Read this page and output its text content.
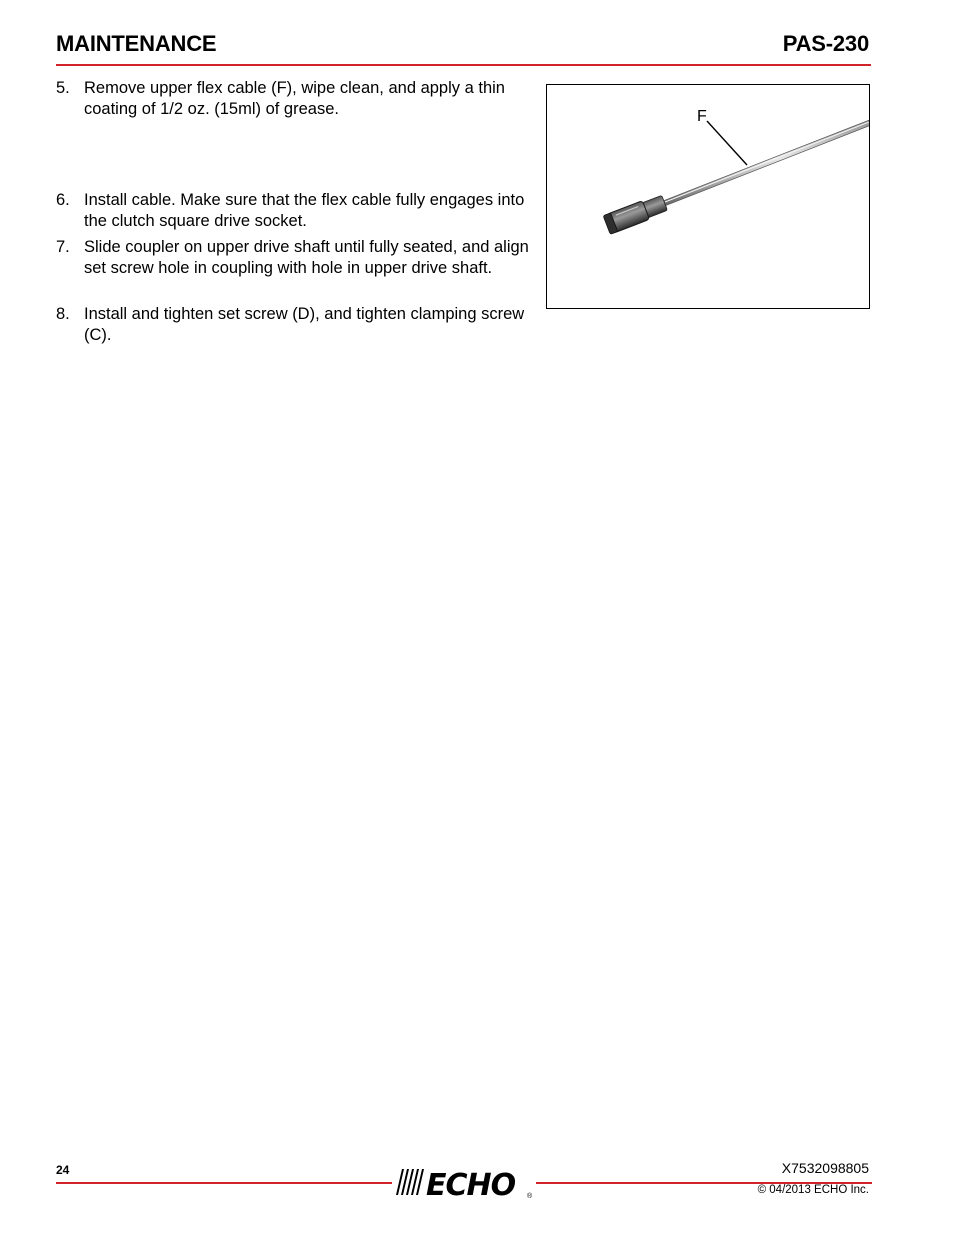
MAINTENANCE	PAS-230
5. Remove upper flex cable (F), wipe clean, and apply a thin coating of 1/2 oz. (15ml) of grease.
6. Install cable. Make sure that the flex cable fully engages into the clutch square drive socket.
7. Slide coupler on upper drive shaft until fully seated, and align set screw hole in coupling with hole in upper drive shaft.
8. Install and tighten set screw (D), and tighten clamping screw (C).
F
24	ECHO ®
X7532098805
© 04/2013 ECHO Inc.
